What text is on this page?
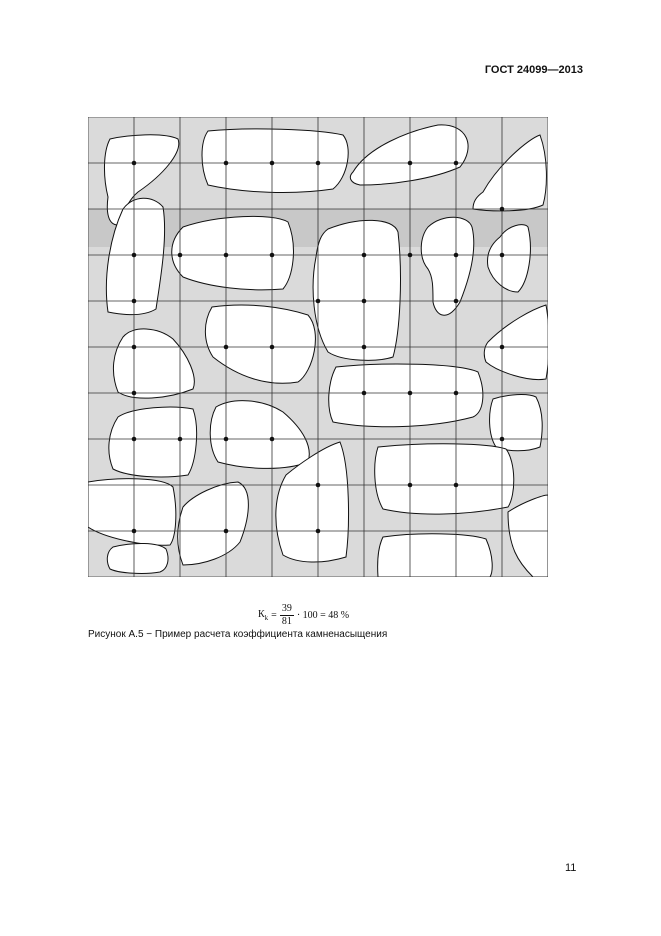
ГОСТ 24099—2013
$К_k = \frac{39}{81} \cdot 100 = 48$ %
Рисунок А.5 − Пример расчета коэффициента камненасыщения
11
